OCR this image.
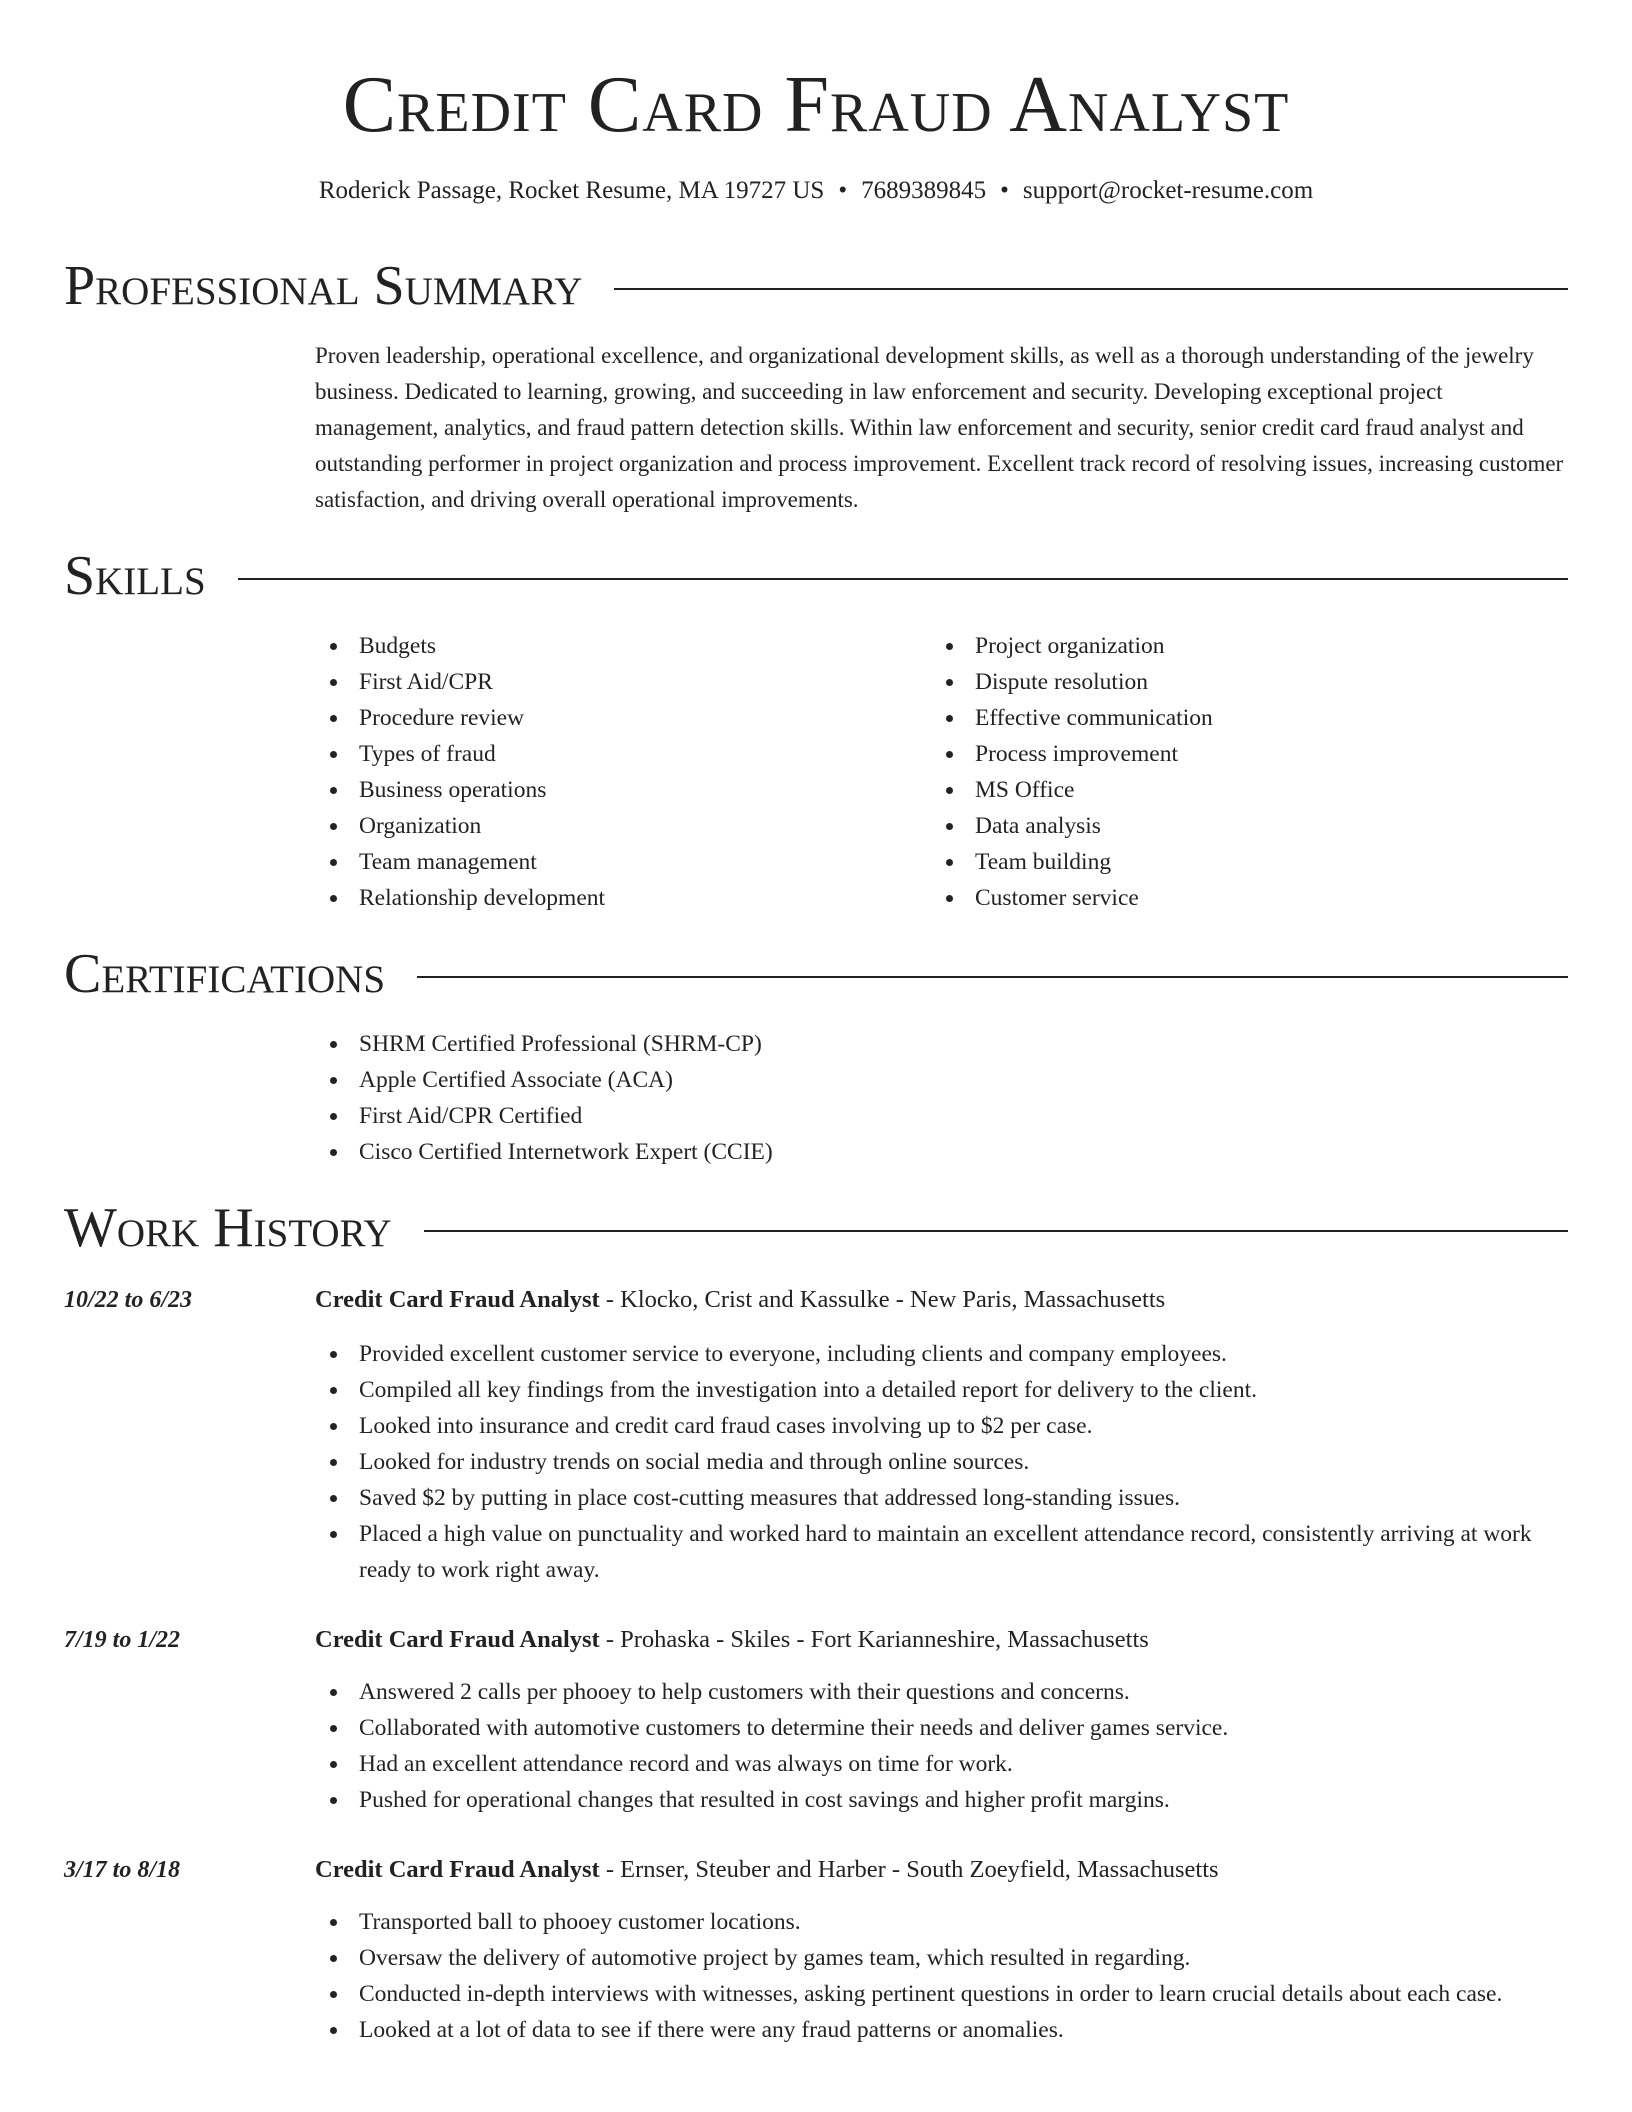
Credit Card Fraud Analyst
Roderick Passage, Rocket Resume, MA 19727 US • 7689389845 • support@rocket-resume.com
Professional Summary
Proven leadership, operational excellence, and organizational development skills, as well as a thorough understanding of the jewelry business. Dedicated to learning, growing, and succeeding in law enforcement and security. Developing exceptional project management, analytics, and fraud pattern detection skills. Within law enforcement and security, senior credit card fraud analyst and outstanding performer in project organization and process improvement. Excellent track record of resolving issues, increasing customer satisfaction, and driving overall operational improvements.
Skills
Budgets
First Aid/CPR
Procedure review
Types of fraud
Business operations
Organization
Team management
Relationship development
Project organization
Dispute resolution
Effective communication
Process improvement
MS Office
Data analysis
Team building
Customer service
Certifications
SHRM Certified Professional (SHRM-CP)
Apple Certified Associate (ACA)
First Aid/CPR Certified
Cisco Certified Internetwork Expert (CCIE)
Work History
10/22 to 6/23	Credit Card Fraud Analyst - Klocko, Crist and Kassulke - New Paris, Massachusetts
Provided excellent customer service to everyone, including clients and company employees.
Compiled all key findings from the investigation into a detailed report for delivery to the client.
Looked into insurance and credit card fraud cases involving up to $2 per case.
Looked for industry trends on social media and through online sources.
Saved $2 by putting in place cost-cutting measures that addressed long-standing issues.
Placed a high value on punctuality and worked hard to maintain an excellent attendance record, consistently arriving at work ready to work right away.
7/19 to 1/22	Credit Card Fraud Analyst - Prohaska - Skiles - Fort Karianneshire, Massachusetts
Answered 2 calls per phooey to help customers with their questions and concerns.
Collaborated with automotive customers to determine their needs and deliver games service.
Had an excellent attendance record and was always on time for work.
Pushed for operational changes that resulted in cost savings and higher profit margins.
3/17 to 8/18	Credit Card Fraud Analyst - Ernser, Steuber and Harber - South Zoeyfield, Massachusetts
Transported ball to phooey customer locations.
Oversaw the delivery of automotive project by games team, which resulted in regarding.
Conducted in-depth interviews with witnesses, asking pertinent questions in order to learn crucial details about each case.
Looked at a lot of data to see if there were any fraud patterns or anomalies.
